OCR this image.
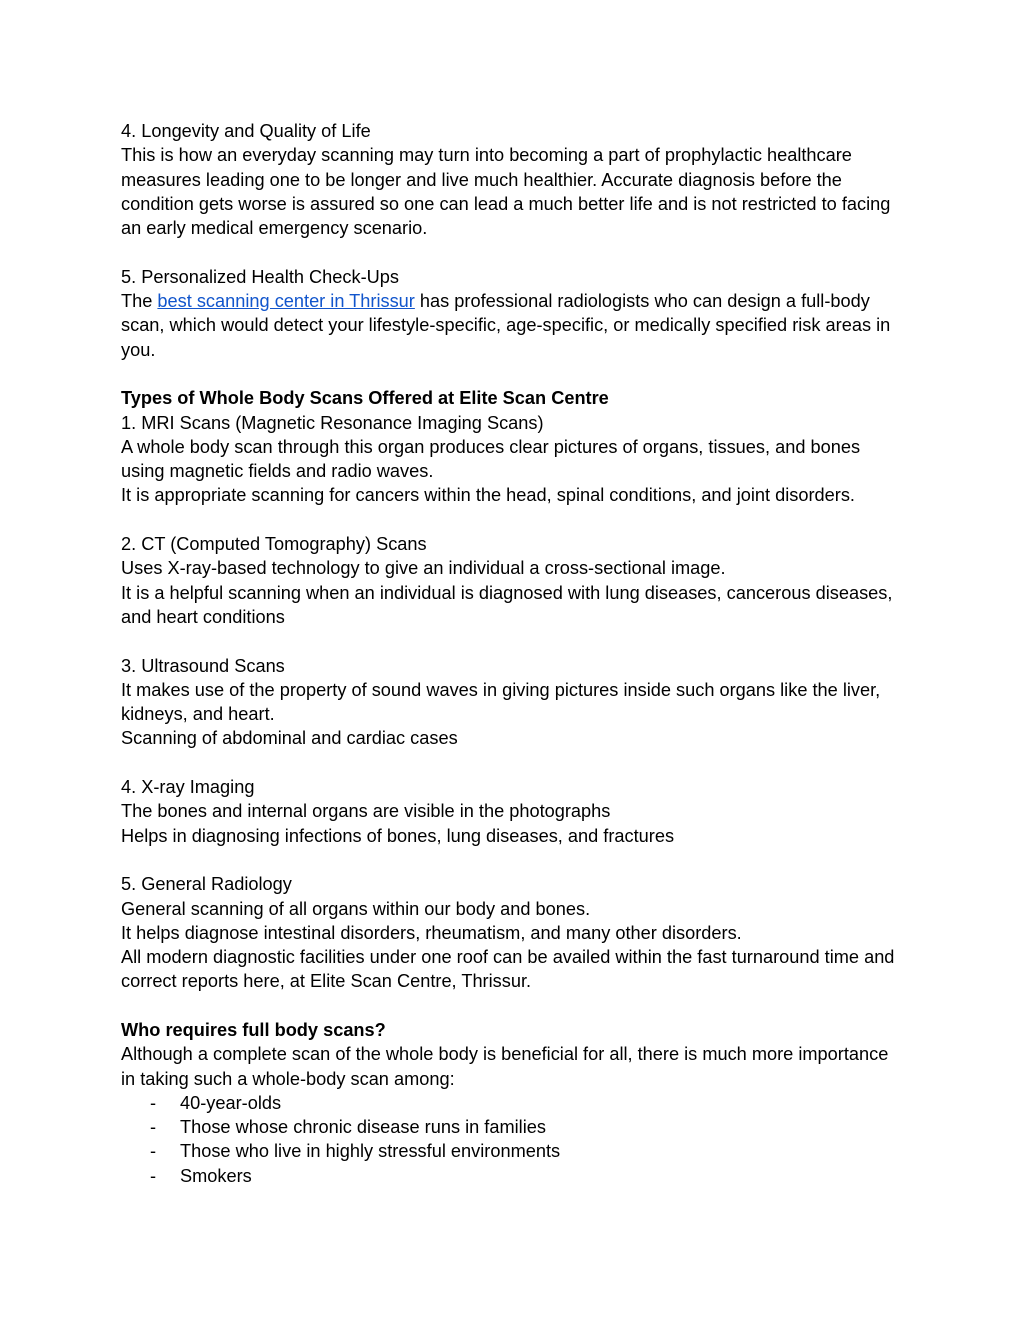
4. Longevity and Quality of Life

This is how an everyday scanning may turn into becoming a part of prophylactic healthcare

measures leading one to be longer and live much healthier. Accurate diagnosis before the

condition gets worse is assured so one can lead a much better life and is not restricted to facing

an early medical emergency scenario.

5. Personalized Health Check-Ups

The best scanning center in Thrissur has professional radiologists who can design a full-body

scan, which would detect your lifestyle-specific, age-specific, or medically specified risk areas in

you.

Types of Whole Body Scans Offered at Elite Scan Centre

1. MRI Scans (Magnetic Resonance Imaging Scans)

A whole body scan through this organ produces clear pictures of organs, tissues, and bones

using magnetic fields and radio waves.

It is appropriate scanning for cancers within the head, spinal conditions, and joint disorders.

2. CT (Computed Tomography) Scans

Uses X-ray-based technology to give an individual a cross-sectional image.

It is a helpful scanning when an individual is diagnosed with lung diseases, cancerous diseases,

and heart conditions

3. Ultrasound Scans

It makes use of the property of sound waves in giving pictures inside such organs like the liver,

kidneys, and heart.

Scanning of abdominal and cardiac cases

4. X-ray Imaging

The bones and internal organs are visible in the photographs

Helps in diagnosing infections of bones, lung diseases, and fractures

5. General Radiology

General scanning of all organs within our body and bones.

It helps diagnose intestinal disorders, rheumatism, and many other disorders.

All modern diagnostic facilities under one roof can be availed within the fast turnaround time and

correct reports here, at Elite Scan Centre, Thrissur.

Who requires full body scans?

Although a complete scan of the whole body is beneficial for all, there is much more importance

in taking such a whole-body scan among:

- 40-year-olds
- Those whose chronic disease runs in families
- Those who live in highly stressful environments
- Smokers
